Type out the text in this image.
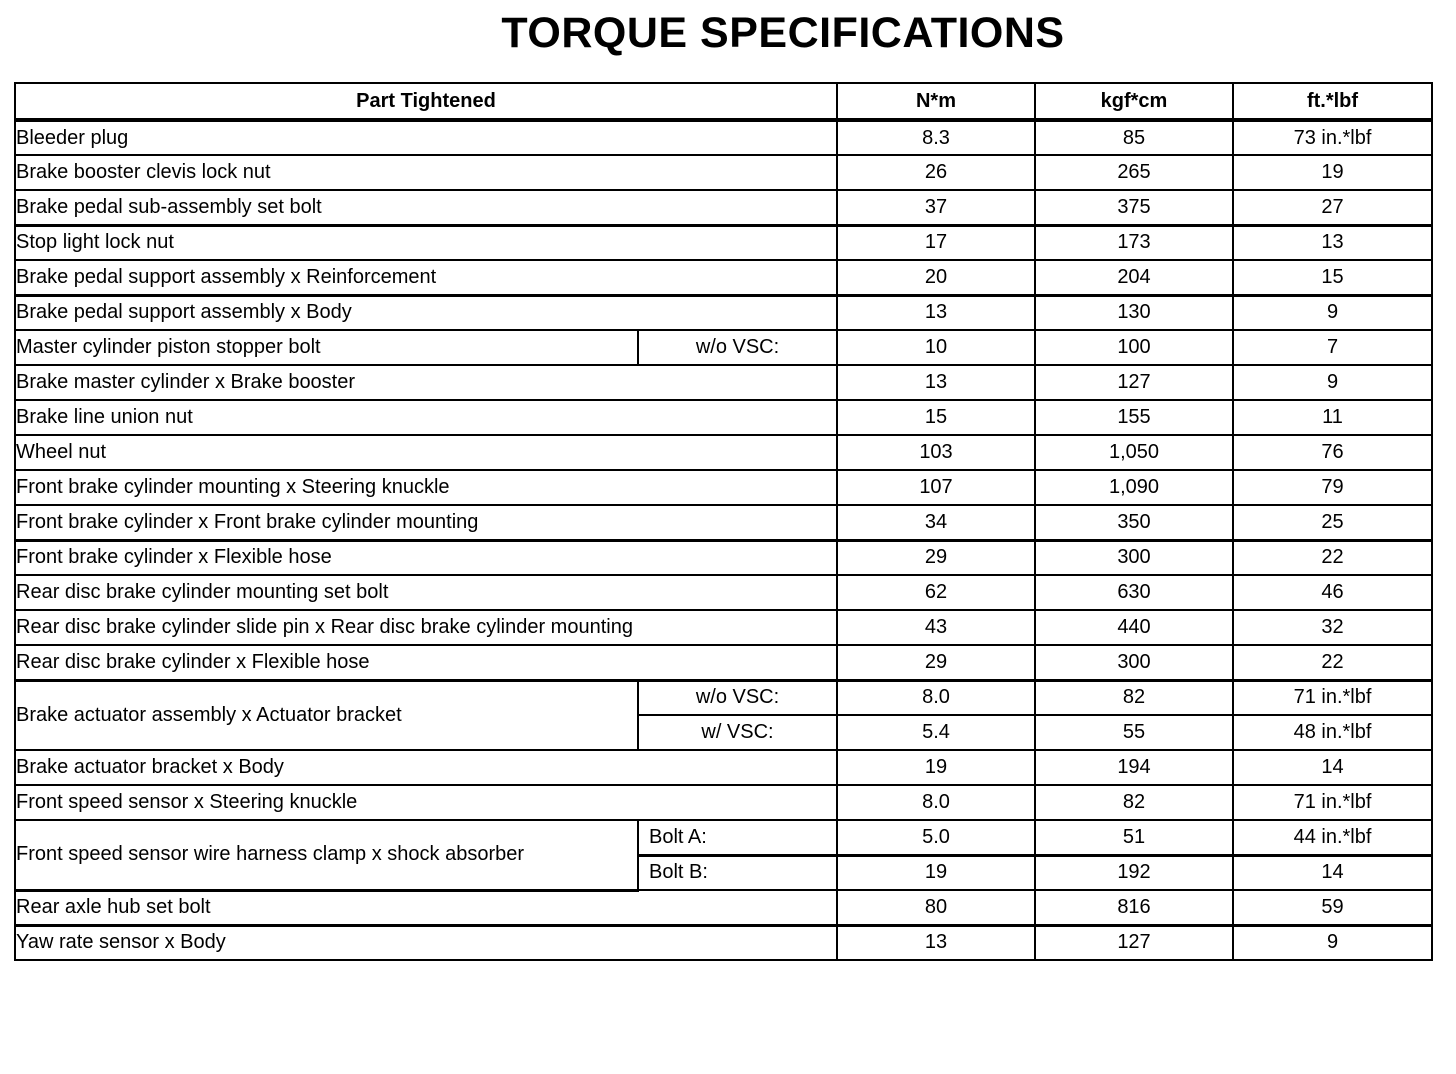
TORQUE SPECIFICATIONS
Part Tightened		N*m	kgf*cm	ft.*lbf
Bleeder plug		8.3	85	73 in.*lbf
Brake booster clevis lock nut		26	265	19
Brake pedal sub-assembly set bolt		37	375	27
Stop light lock nut		17	173	13
Brake pedal support assembly x Reinforcement		20	204	15
Brake pedal support assembly x Body		13	130	9
Master cylinder piston stopper bolt	w/o VSC:	10	100	7
Brake master cylinder x Brake booster		13	127	9
Brake line union nut		15	155	11
Wheel nut		103	1,050	76
Front brake cylinder mounting x Steering knuckle		107	1,090	79
Front brake cylinder x Front brake cylinder mounting		34	350	25
Front brake cylinder x Flexible hose		29	300	22
Rear disc brake cylinder mounting set bolt		62	630	46
Rear disc brake cylinder slide pin x Rear disc brake cylinder mounting		43	440	32
Rear disc brake cylinder x Flexible hose		29	300	22
Brake actuator assembly x Actuator bracket	w/o VSC:	8.0	82	71 in.*lbf
	w/ VSC:	5.4	55	48 in.*lbf
Brake actuator bracket x Body		19	194	14
Front speed sensor x Steering knuckle		8.0	82	71 in.*lbf
Front speed sensor wire harness clamp x shock absorber	Bolt A:	5.0	51	44 in.*lbf
	Bolt B:	19	192	14
Rear axle hub set bolt		80	816	59
Yaw rate sensor x Body		13	127	9
